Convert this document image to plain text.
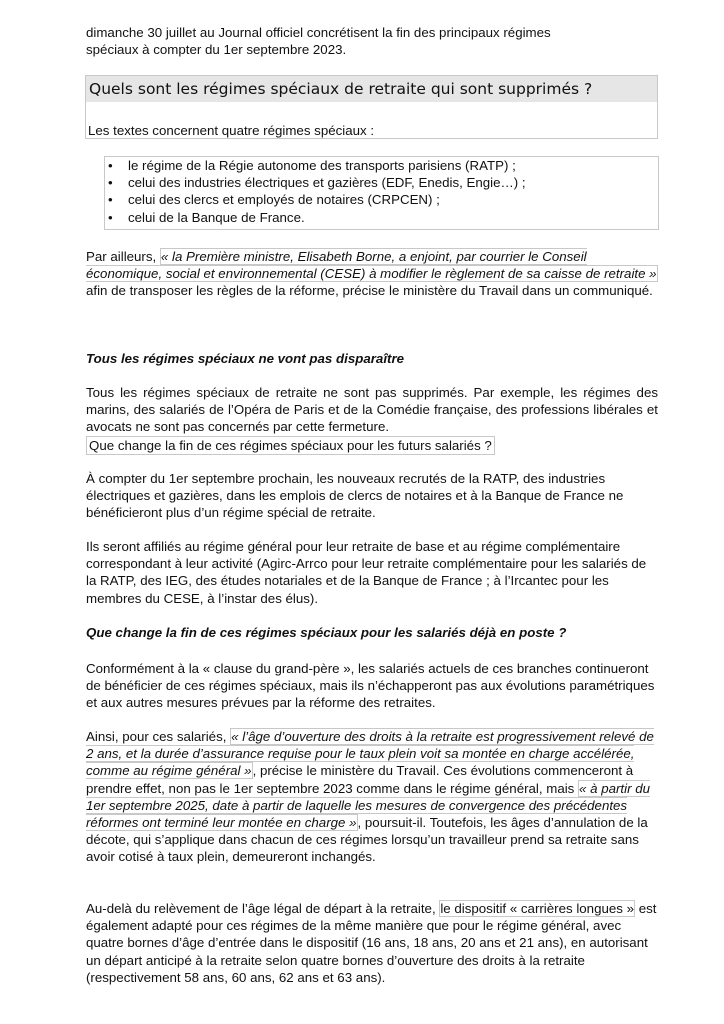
dimanche 30 juillet au Journal officiel concrétisent la fin des principaux régimes

spéciaux à compter du 1er septembre 2023.

Quels sont les régimes spéciaux de retraite qui sont supprimés ?
Les textes concernent quatre régimes spéciaux :
• le régime de la Régie autonome des transports parisiens (RATP) ;
• celui des industries électriques et gazières (EDF, Enedis, Engie…) ;
• celui des clercs et employés de notaires (CRPCEN) ;
• celui de la Banque de France.

Par ailleurs, « la Première ministre, Elisabeth Borne, a enjoint, par courrier le Conseil économique, social et environnemental (CESE) à modifier le règlement de sa caisse de retraite » afin de transposer les règles de la réforme, précise le ministère du Travail dans un communiqué.

Tous les régimes spéciaux ne vont pas disparaître

Tous les régimes spéciaux de retraite ne sont pas supprimés. Par exemple, les régimes des marins, des salariés de l’Opéra de Paris et de la Comédie française, des professions libérales et avocats ne sont pas concernés par cette fermeture.

Que change la fin de ces régimes spéciaux pour les futurs salariés ?

À compter du 1er septembre prochain, les nouveaux recrutés de la RATP, des industries électriques et gazières, dans les emplois de clercs de notaires et à la Banque de France ne bénéficieront plus d’un régime spécial de retraite.

Ils seront affiliés au régime général pour leur retraite de base et au régime complémentaire correspondant à leur activité (Agirc-Arrco pour leur retraite complémentaire pour les salariés de la RATP, des IEG, des études notariales et de la Banque de France ; à l’Ircantec pour les membres du CESE, à l’instar des élus).

Que change la fin de ces régimes spéciaux pour les salariés déjà en poste ?

Conformément à la « clause du grand-père », les salariés actuels de ces branches continueront de bénéficier de ces régimes spéciaux, mais ils n’échapperont pas aux évolutions paramétriques et aux autres mesures prévues par la réforme des retraites.

Ainsi, pour ces salariés, « l’âge d’ouverture des droits à la retraite est progressivement relevé de 2 ans, et la durée d’assurance requise pour le taux plein voit sa montée en charge accélérée, comme au régime général », précise le ministère du Travail. Ces évolutions commenceront à prendre effet, non pas le 1er septembre 2023 comme dans le régime général, mais « à partir du 1er septembre 2025, date à partir de laquelle les mesures de convergence des précédentes réformes ont terminé leur montée en charge », poursuit-il. Toutefois, les âges d’annulation de la décote, qui s’applique dans chacun de ces régimes lorsqu’un travailleur prend sa retraite sans avoir cotisé à taux plein, demeureront inchangés.

Au-delà du relèvement de l’âge légal de départ à la retraite, le dispositif « carrières longues » est également adapté pour ces régimes de la même manière que pour le régime général, avec quatre bornes d’âge d’entrée dans le dispositif (16 ans, 18 ans, 20 ans et 21 ans), en autorisant un départ anticipé à la retraite selon quatre bornes d’ouverture des droits à la retraite (respectivement 58 ans, 60 ans, 62 ans et 63 ans).
